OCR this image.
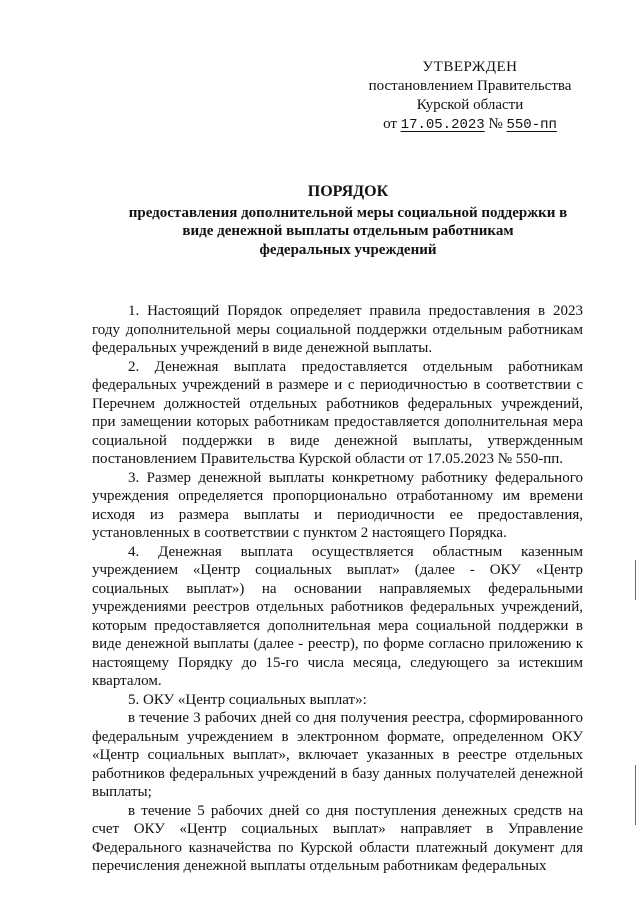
УТВЕРЖДЕН
постановлением Правительства
Курской области
от 17.05.2023 № 550-пп
ПОРЯДОК
предоставления дополнительной меры социальной поддержки в
виде денежной выплаты отдельным работникам
федеральных учреждений

1. Настоящий Порядок определяет правила предоставления в 2023 году дополнительной меры социальной поддержки отдельным работникам федеральных учреждений в виде денежной выплаты.

2. Денежная выплата предоставляется отдельным работникам федеральных учреждений в размере и с периодичностью в соответствии с Перечнем должностей отдельных работников федеральных учреждений, при замещении которых работникам предоставляется дополнительная мера социальной поддержки в виде денежной выплаты, утвержденным постановлением Правительства Курской области от 17.05.2023 № 550-пп.

3. Размер денежной выплаты конкретному работнику федерального учреждения определяется пропорционально отработанному им времени исходя из размера выплаты и периодичности ее предоставления, установленных в соответствии с пунктом 2 настоящего Порядка.

4. Денежная выплата осуществляется областным казенным учреждением «Центр социальных выплат» (далее - ОКУ «Центр социальных выплат») на основании направляемых федеральными учреждениями реестров отдельных работников федеральных учреждений, которым предоставляется дополнительная мера социальной поддержки в виде денежной выплаты (далее - реестр), по форме согласно приложению к настоящему Порядку до 15-го числа месяца, следующего за истекшим кварталом.

5. ОКУ «Центр социальных выплат»:

в течение 3 рабочих дней со дня получения реестра, сформированного федеральным учреждением в электронном формате, определенном ОКУ «Центр социальных выплат», включает указанных в реестре отдельных работников федеральных учреждений в базу данных получателей денежной выплаты;

в течение 5 рабочих дней со дня поступления денежных средств на счет ОКУ «Центр социальных выплат» направляет в Управление Федерального казначейства по Курской области платежный документ для перечисления денежной выплаты отдельным работникам федеральных
